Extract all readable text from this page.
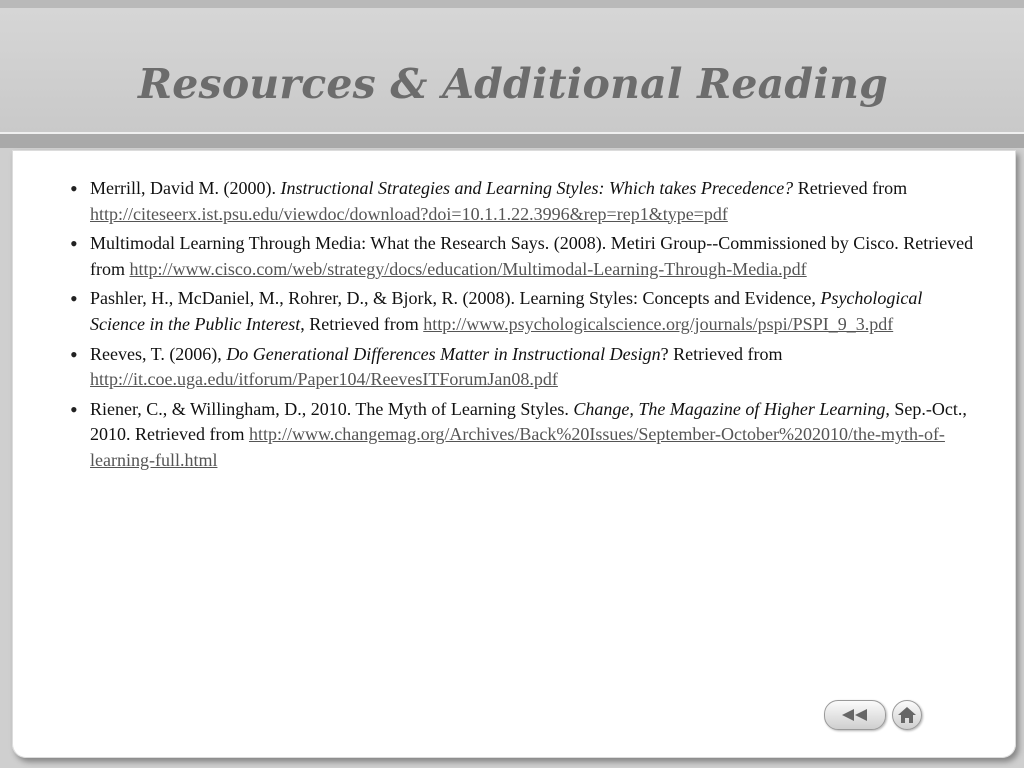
Resources & Additional Reading
• Merrill, David M. (2000). Instructional Strategies and Learning Styles: Which takes Precedence? Retrieved from http://citeseerx.ist.psu.edu/viewdoc/download?doi=10.1.1.22.3996&rep=rep1&type=pdf
• Multimodal Learning Through Media: What the Research Says. (2008). Metiri Group--Commissioned by Cisco. Retrieved from http://www.cisco.com/web/strategy/docs/education/Multimodal-Learning-Through-Media.pdf
• Pashler, H., McDaniel, M., Rohrer, D., & Bjork, R. (2008). Learning Styles: Concepts and Evidence, Psychological Science in the Public Interest, Retrieved from http://www.psychologicalscience.org/journals/pspi/PSPI_9_3.pdf
• Reeves, T. (2006), Do Generational Differences Matter in Instructional Design? Retrieved from http://it.coe.uga.edu/itforum/Paper104/ReevesITForumJan08.pdf
• Riener, C., & Willingham, D., 2010. The Myth of Learning Styles. Change, The Magazine of Higher Learning, Sep.-Oct., 2010. Retrieved from http://www.changemag.org/Archives/Back%20Issues/September-October%202010/the-myth-of-learning-full.html
